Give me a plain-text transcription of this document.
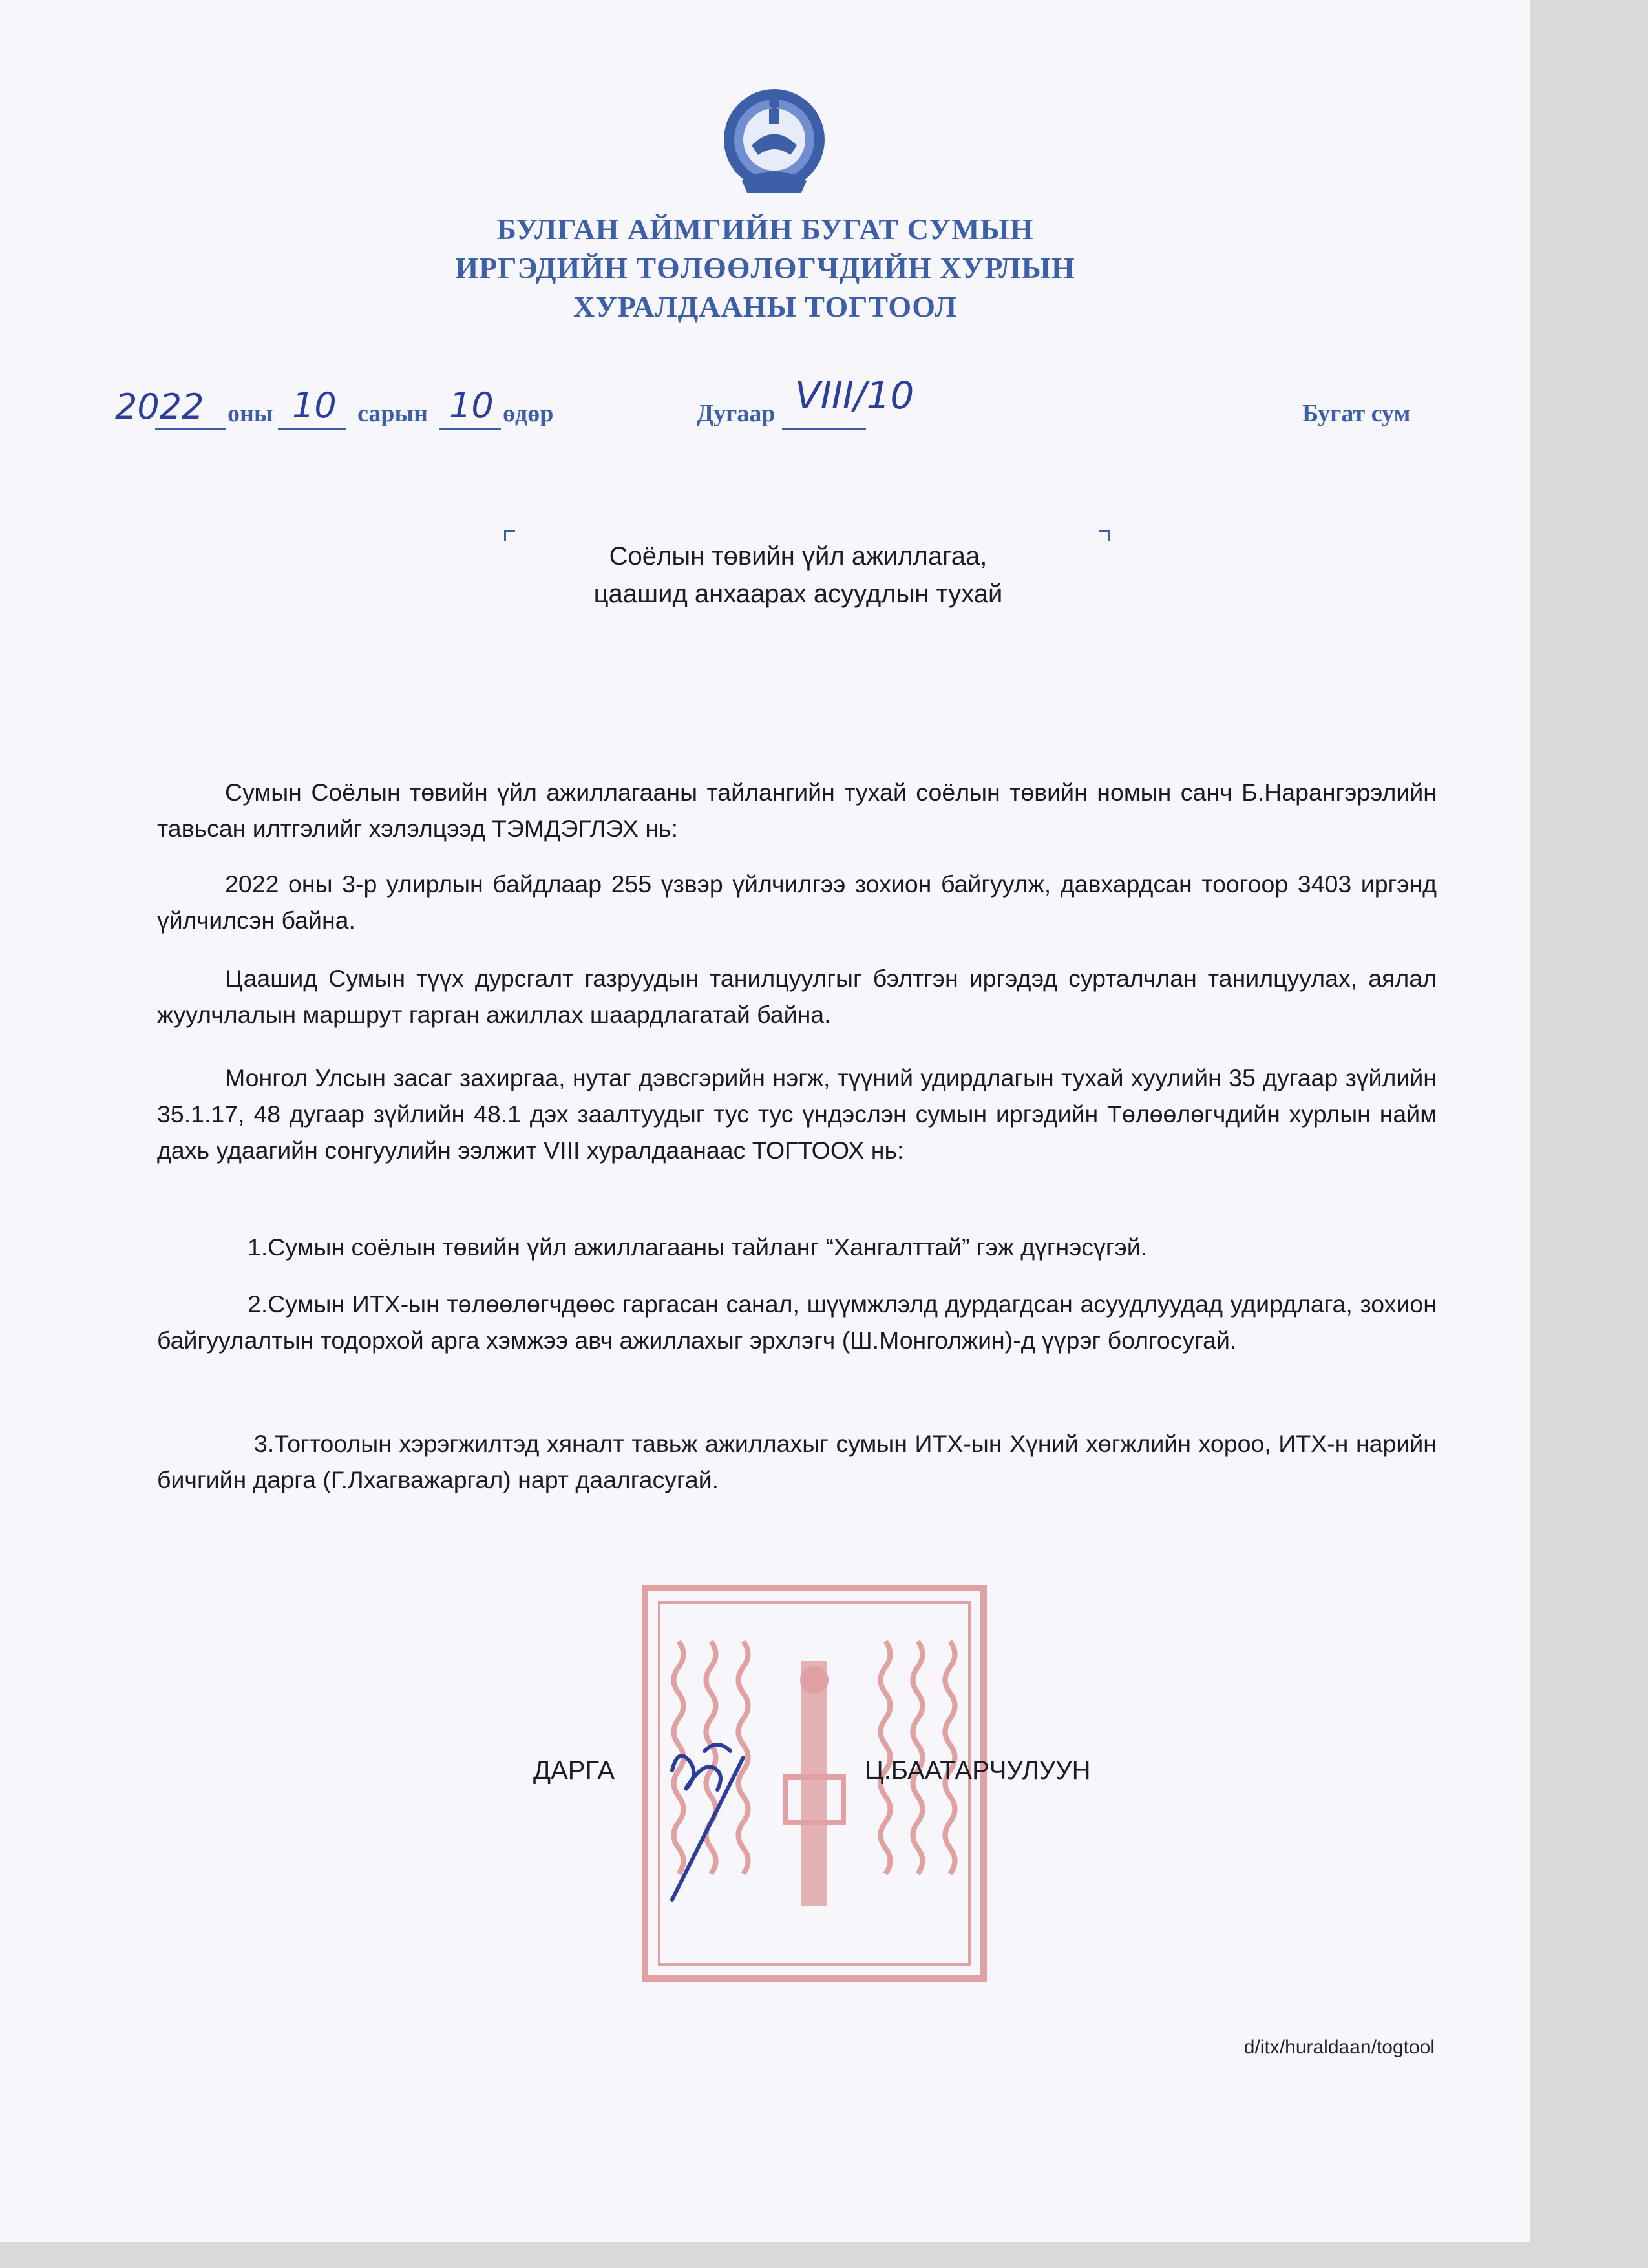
БУЛГАН АЙМГИЙН БУГАТ СУМЫН
ИРГЭДИЙН ТӨЛӨӨЛӨГЧДИЙН ХУРЛЫН
ХУРАЛДААНЫ ТОГТООЛ
2022 оны 10 сарын 10 өдөр	Дугаар VIII/10	Бугат сум
Соёлын төвийн үйл ажиллагаа,
цаашид анхаарах асуудлын тухай
Сумын Соёлын төвийн үйл ажиллагааны тайлангийн тухай соёлын төвийн номын санч Б.Нарангэрэлийн тавьсан илтгэлийг хэлэлцээд ТЭМДЭГЛЭХ нь:
2022 оны 3-р улирлын байдлаар 255 үзвэр үйлчилгээ зохион байгуулж, давхардсан тоогоор 3403 иргэнд үйлчилсэн байна.
Цаашид Сумын түүх дурсгалт газруудын танилцуулгыг бэлтгэн иргэдэд сурталчлан танилцуулах, аялал жуулчлалын маршрут гарган ажиллах шаардлагатай байна.
Монгол Улсын засаг захиргаа, нутаг дэвсгэрийн нэгж, түүний удирдлагын тухай хуулийн 35 дугаар зүйлийн 35.1.17, 48 дугаар зүйлийн 48.1 дэх заалтуудыг тус тус үндэслэн сумын иргэдийн Төлөөлөгчдийн хурлын найм дахь удаагийн сонгуулийн ээлжит VIII хуралдаанаас ТОГТООХ нь:
1.Сумын соёлын төвийн үйл ажиллагааны тайланг “Хангалттай” гэж дүгнэсүгэй.
2.Сумын ИТХ-ын төлөөлөгчдөөс гаргасан санал, шүүмжлэлд дурдагдсан асуудлуудад удирдлага, зохион байгуулалтын тодорхой арга хэмжээ авч ажиллахыг эрхлэгч (Ш.Монголжин)-д үүрэг болгосугай.
3.Тогтоолын хэрэгжилтэд хяналт тавьж ажиллахыг сумын ИТХ-ын Хүний хөгжлийн хороо, ИТХ-н нарийн бичгийн дарга (Г.Лхагважаргал) нарт даалгасугай.
ДАРГА	Ц.БААТАРЧУЛУУН
d/itx/huraldaan/togtool
